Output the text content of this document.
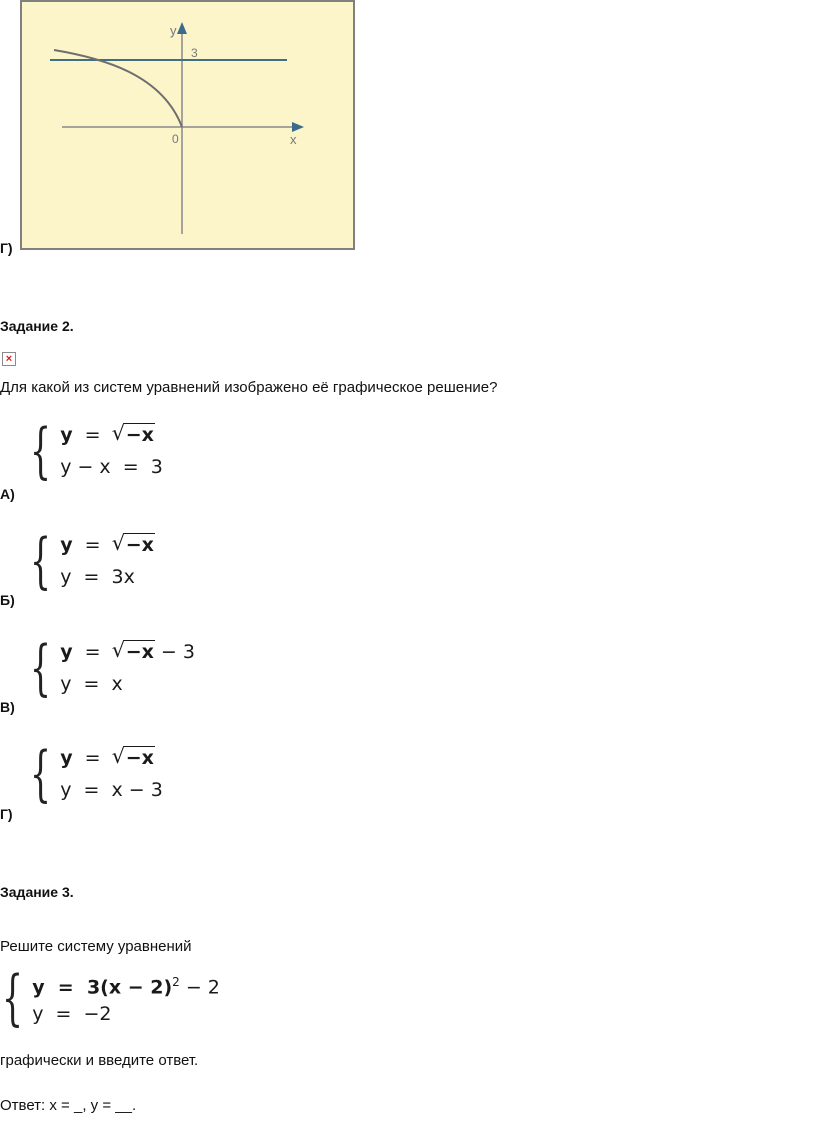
y
3
0	x
Г)
Задание 2.
×
Для какой из систем уравнений изображено её графическое решение?
{ y = √ −x
y − x  =  3
А)
{ y = √ −x
y  =  3x
Б)
{ y = √ −x − 3
y  =  x
В)
{ y = √ −x
y  =  x − 3
Г)
Задание 3.
Решите систему уравнений
{ $y = 3(x - 2)^2 - 2$
y  =  −2
графически и введите ответ.
Ответ: x = _, y = __.
